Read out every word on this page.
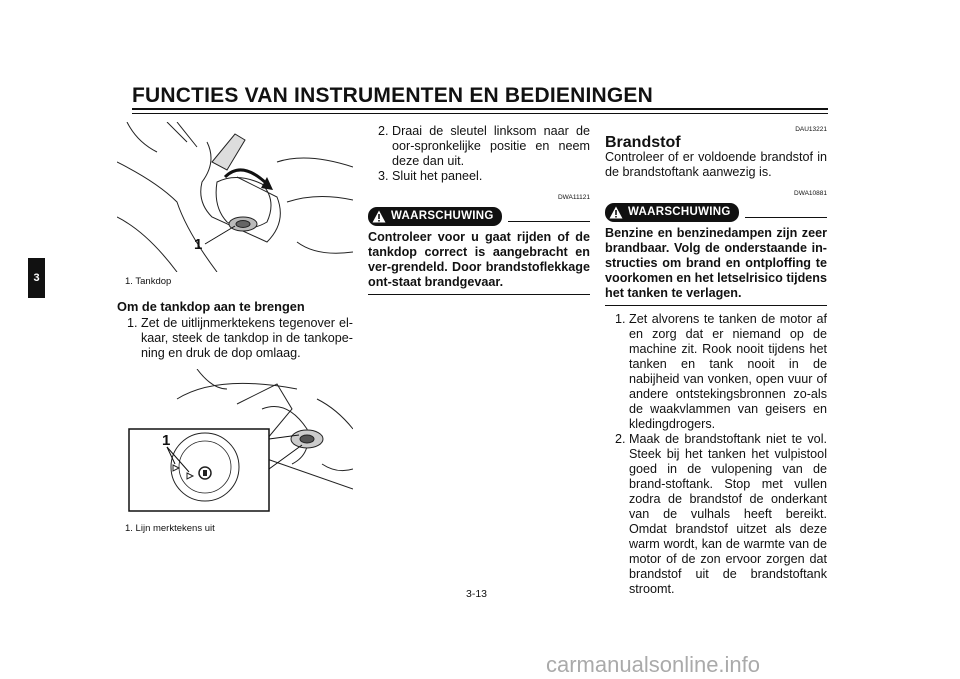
FUNCTIES VAN INSTRUMENTEN EN BEDIENINGEN
3
1
1. Tankdop
Om de tankdop aan te brengen
1. Zet de uitlijnmerktekens tegenover el-kaar, steek de tankdop in de tankope-ning en druk de dop omlaag.
1
1. Lijn merktekens uit
2. Draai de sleutel linksom naar de oor-spronkelijke positie en neem deze dan uit.
3. Sluit het paneel.
DWA11121
WAARSCHUWING
Controleer voor u gaat rijden of de tankdop correct is aangebracht en ver-grendeld. Door brandstoflekkage ont-staat brandgevaar.
DAU13221
Brandstof
Controleer of er voldoende brandstof in de brandstoftank aanwezig is.
DWA10881
WAARSCHUWING
Benzine en benzinedampen zijn zeer brandbaar. Volg de onderstaande in-structies om brand en ontploffing te voorkomen en het letselrisico tijdens het tanken te verlagen.
1. Zet alvorens te tanken de motor af en zorg dat er niemand op de machine zit. Rook nooit tijdens het tanken en tank nooit in de nabijheid van vonken, open vuur of andere ontstekingsbronnen zo-als de waakvlammen van geisers en kledingdrogers.
2. Maak de brandstoftank niet te vol. Steek bij het tanken het vulpistool goed in de vulopening van de brand-stoftank. Stop met vullen zodra de brandstof de onderkant van de vulhals heeft bereikt. Omdat brandstof uitzet als deze warm wordt, kan de warmte van de motor of de zon ervoor zorgen dat brandstof uit de brandstoftank stroomt.
3-13
carmanualsonline.info
